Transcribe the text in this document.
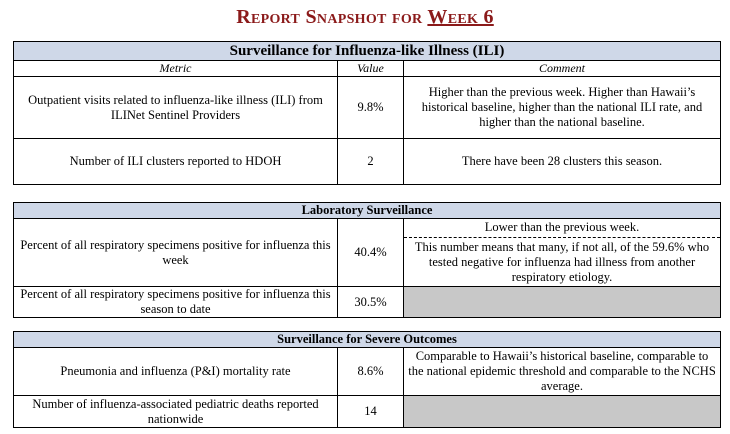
Report Snapshot for Week 6
Surveillance for Influenza-like Illness (ILI)		
Metric	Value	Comment
Outpatient visits related to influenza-like illness (ILI) from ILINet Sentinel Providers	9.8%	Higher than the previous week. Higher than Hawaii’s historical baseline, higher than the national ILI rate, and higher than the national baseline.
Number of ILI clusters reported to HDOH	2	There have been 28 clusters this season.
Laboratory Surveillance		
Percent of all respiratory specimens positive for influenza this week	40.4%	Lower than the previous week.
This number means that many, if not all, of the 59.6% who tested negative for influenza had illness from another respiratory etiology.

Percent of all respiratory specimens positive for influenza this season to date	30.5%	
Surveillance for Severe Outcomes		
Pneumonia and influenza (P&I) mortality rate	8.6%	Comparable to Hawaii’s historical baseline, comparable to the national epidemic threshold and comparable to the NCHS average.
Number of influenza-associated pediatric deaths reported nationwide	14	
